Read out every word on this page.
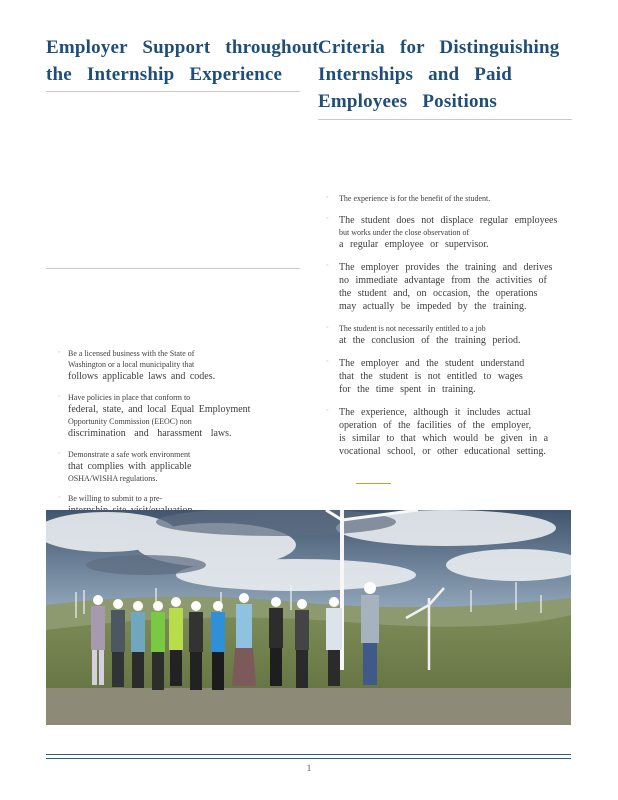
Employer Support throughout
the Internship Experience
Criteria for Distinguishing
Internships and Paid
Employees Positions
◦ Be a licensed business with the State of
Washington or a local municipality that
follows applicable laws and codes.
◦ Have policies in place that conform to
federal, state, and local Equal Employment
Opportunity Commission (EEOC) non
discrimination and harassment laws.
◦ Demonstrate a safe work environment
that complies with applicable
OSHA/WISHA regulations.
◦ Be willing to submit to a pre-
◦ The experience is for the benefit of the student.
◦ The student does not displace regular employees
but works under the close observation of
a regular employee or supervisor.
◦ The employer provides the training and derives
no immediate advantage from the activities of
the student and, on occasion, the operations
may actually be impeded by the training.
◦ The student is not necessarily entitled to a job
at the conclusion of the training period.
◦ The employer and the student understand
that the student is not entitled to wages
for the time spent in training.
◦ The experience, although it includes actual
operation of the facilities of the employer,
is similar to that which would be given in a
vocational school, or other educational setting.
1
